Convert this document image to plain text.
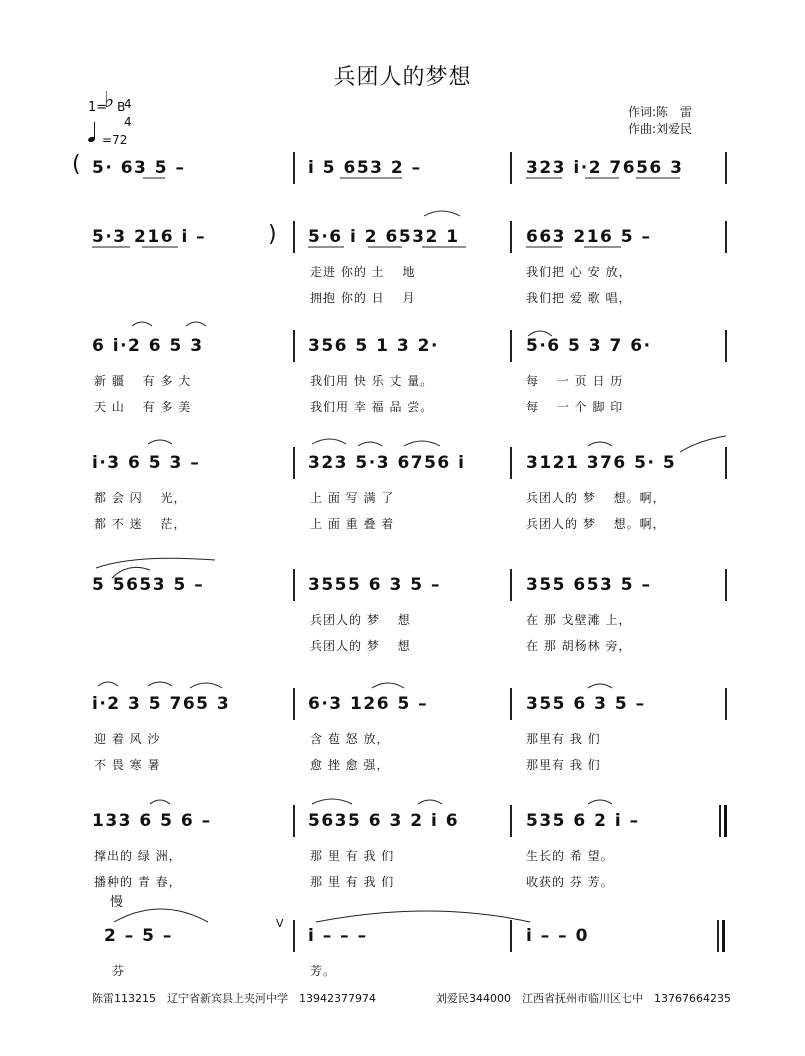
兵团人的梦想
1= B
♭ 4
4
=72
作词:陈　雷
作曲:刘爱民
( 5· 63 5 –	i 5 653 2 –	323 i·2 7656 3
5·3 216 i –	) 5·6 i 2 6532 1	663 216 5 –
走进 你的 土　 地	我们把 心 安 放，
拥抱 你的 日　 月	我们把 爱 歌 唱，
6 i·2 6 5 3	356 5 1 3 2·	5·6 5 3 7 6·
新 疆　 有 多 大	我们用 快 乐 丈 量。	每　 一 页 日 历
天 山　 有 多 美	我们用 幸 福 品 尝。	每　 一 个 脚 印
i·3 6 5 3 –	323 5·3 6756 i	3121 376 5· 5
都 会 闪　 光，	上 面 写 满 了	兵团人的 梦　 想。啊，
都 不 迷　 茫，	上 面 重 叠 着	兵团人的 梦　 想。啊，
5 5653 5 –	3555 6 3 5 –	355 653 5 –
兵团人的 梦　 想	在 那 戈壁滩 上，
兵团人的 梦　 想	在 那 胡杨林 旁，
i·2 3 5 765 3	6·3 126 5 –	355 6 3 5 –
迎 着 风 沙	含 苞 怒 放，	那里有 我 们
不 畏 寒 暑	愈 挫 愈 强，	那里有 我 们
133 6 5 6 –	5635 6 3 2 i 6	535 6 2 i –
撑出的 绿 洲，	那 里 有 我 们	生长的 希 望。
播种的 青 春，	那 里 有 我 们	收获的 芬 芳。
慢
V
2 – 5 –	i – – –	i – – 0
芬	芳。
陈雷113215　辽宁省新宾县上夹河中学　13942377974	刘爱民344000　江西省抚州市临川区七中　13767664235
